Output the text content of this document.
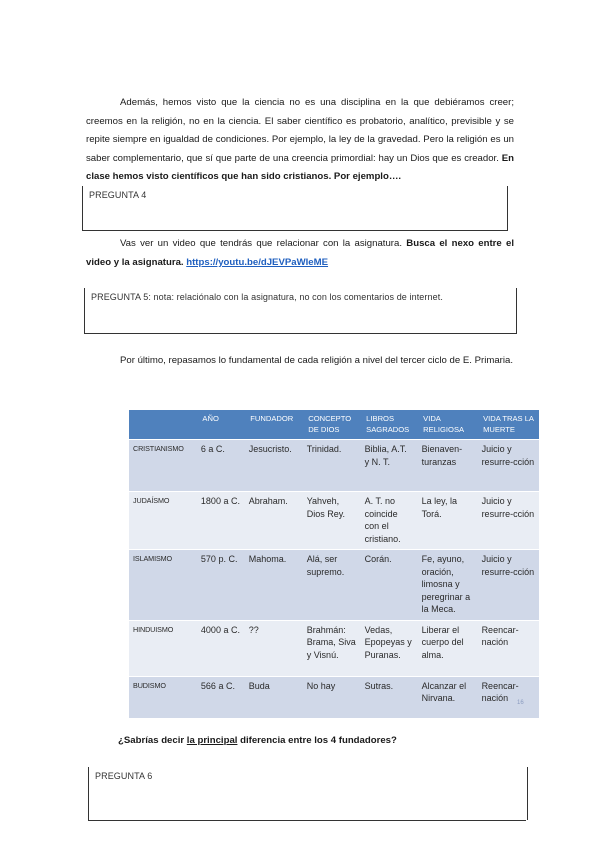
Además, hemos visto que la ciencia no es una disciplina en la que debiéramos creer; creemos en la religión, no en la ciencia. El saber científico es probatorio, analítico, previsible y se repite siempre en igualdad de condiciones. Por ejemplo, la ley de la gravedad. Pero la religión es un saber complementario, que sí que parte de una creencia primordial: hay un Dios que es creador. En clase hemos visto científicos que han sido cristianos. Por ejemplo….
PREGUNTA 4
Vas ver un video que tendrás que relacionar con la asignatura. Busca el nexo entre el video y la asignatura. https://youtu.be/dJEVPaWIeME
PREGUNTA 5: nota: relaciónalo con la asignatura, no con los comentarios de internet.
Por último, repasamos lo fundamental de cada religión a nivel del tercer ciclo de E. Primaria.
	AÑO	FUNDADOR	CONCEPTO DE DIOS	LIBROS SAGRADOS	VIDA RELIGIOSA	VIDA TRAS LA MUERTE
CRISTIANISMO	6 a C.	Jesucristo.	Trinidad.	Biblia, A.T. y N. T.	Bienaven-turanzas	Juicio y resurre-cción
JUDAÍSMO	1800 a C.	Abraham.	Yahveh, Dios Rey.	A. T. no coincide con el cristiano.	La ley, la Torá.	Juicio y resurre-cción
ISLAMISMO	570 p. C.	Mahoma.	Alá, ser supremo.	Corán.	Fe, ayuno, oración, limosna y peregrinar a la Meca.	Juicio y resurre-cción
HINDUISMO	4000 a C.	??	Brahmán: Brama, Siva y Visnú.	Vedas, Epopeyas y Puranas.	Liberar el cuerpo del alma.	Reencar-nación
BUDISMO	566 a C.	Buda	No hay	Sutras.	Alcanzar el Nirvana.	Reencar-nación 16
¿Sabrías decir la principal diferencia entre los 4 fundadores?
PREGUNTA 6
